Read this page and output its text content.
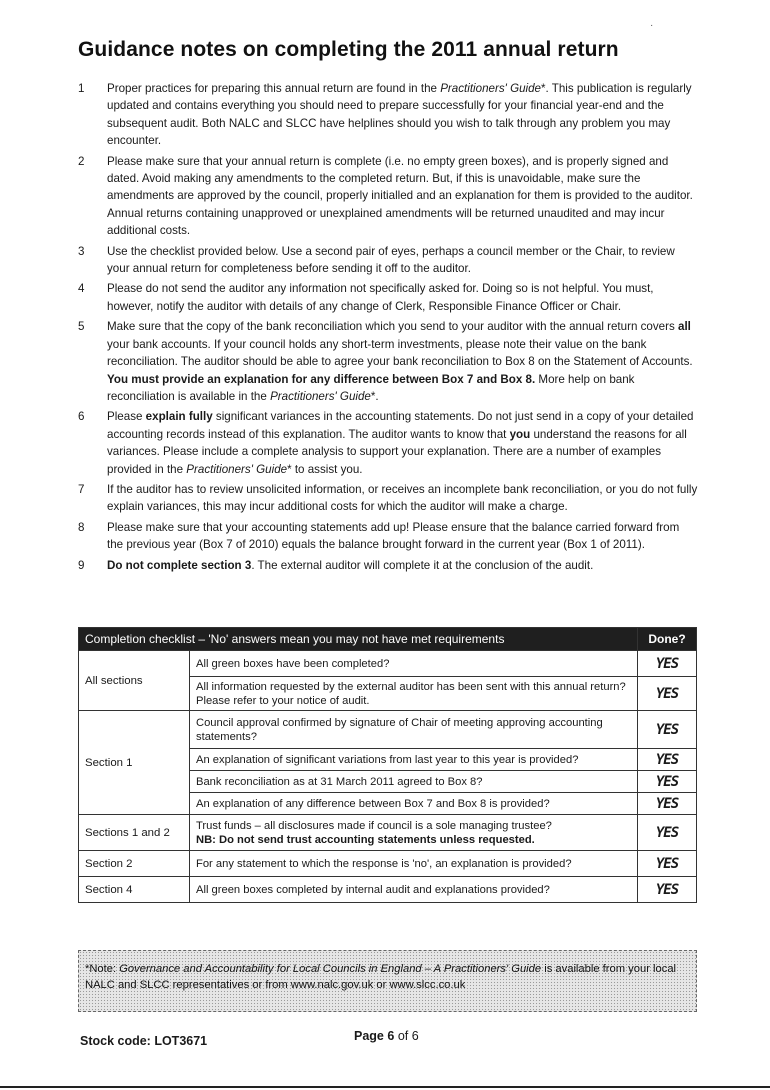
·
Guidance notes on completing the 2011 annual return
1 Proper practices for preparing this annual return are found in the Practitioners' Guide*. This publication is regularly updated and contains everything you should need to prepare successfully for your financial year-end and the subsequent audit. Both NALC and SLCC have helplines should you wish to talk through any problem you may encounter.
2 Please make sure that your annual return is complete (i.e. no empty green boxes), and is properly signed and dated. Avoid making any amendments to the completed return. But, if this is unavoidable, make sure the amendments are approved by the council, properly initialled and an explanation for them is provided to the auditor. Annual returns containing unapproved or unexplained amendments will be returned unaudited and may incur additional costs.
3 Use the checklist provided below. Use a second pair of eyes, perhaps a council member or the Chair, to review your annual return for completeness before sending it off to the auditor.
4 Please do not send the auditor any information not specifically asked for. Doing so is not helpful. You must, however, notify the auditor with details of any change of Clerk, Responsible Finance Officer or Chair.
5 Make sure that the copy of the bank reconciliation which you send to your auditor with the annual return covers all your bank accounts. If your council holds any short-term investments, please note their value on the bank reconciliation. The auditor should be able to agree your bank reconciliation to Box 8 on the Statement of Accounts. You must provide an explanation for any difference between Box 7 and Box 8. More help on bank reconciliation is available in the Practitioners' Guide*.
6 Please explain fully significant variances in the accounting statements. Do not just send in a copy of your detailed accounting records instead of this explanation. The auditor wants to know that you understand the reasons for all variances. Please include a complete analysis to support your explanation. There are a number of examples provided in the Practitioners' Guide* to assist you.
7 If the auditor has to review unsolicited information, or receives an incomplete bank reconciliation, or you do not fully explain variances, this may incur additional costs for which the auditor will make a charge.
8 Please make sure that your accounting statements add up! Please ensure that the balance carried forward from the previous year (Box 7 of 2010) equals the balance brought forward in the current year (Box 1 of 2011).
9 Do not complete section 3. The external auditor will complete it at the conclusion of the audit.
Completion checklist – 'No' answers mean you may not have met requirements		Done?
All sections	All green boxes have been completed?	YES
	All information requested by the external auditor has been sent with this annual return? Please refer to your notice of audit.	YES
Section 1	Council approval confirmed by signature of Chair of meeting approving accounting statements?	YES
	An explanation of significant variations from last year to this year is provided?	YES
	Bank reconciliation as at 31 March 2011 agreed to Box 8?	YES
	An explanation of any difference between Box 7 and Box 8 is provided?	YES
Sections 1 and 2	Trust funds – all disclosures made if council is a sole managing trustee?
NB: Do not send trust accounting statements unless requested.	YES
Section 2	For any statement to which the response is 'no', an explanation is provided?	YES
Section 4	All green boxes completed by internal audit and explanations provided?	YES
*Note: Governance and Accountability for Local Councils in England – A Practitioners' Guide is available from your local NALC and SLCC representatives or from www.nalc.gov.uk or www.slcc.co.uk
Stock code: LOT3671	Page 6 of 6
